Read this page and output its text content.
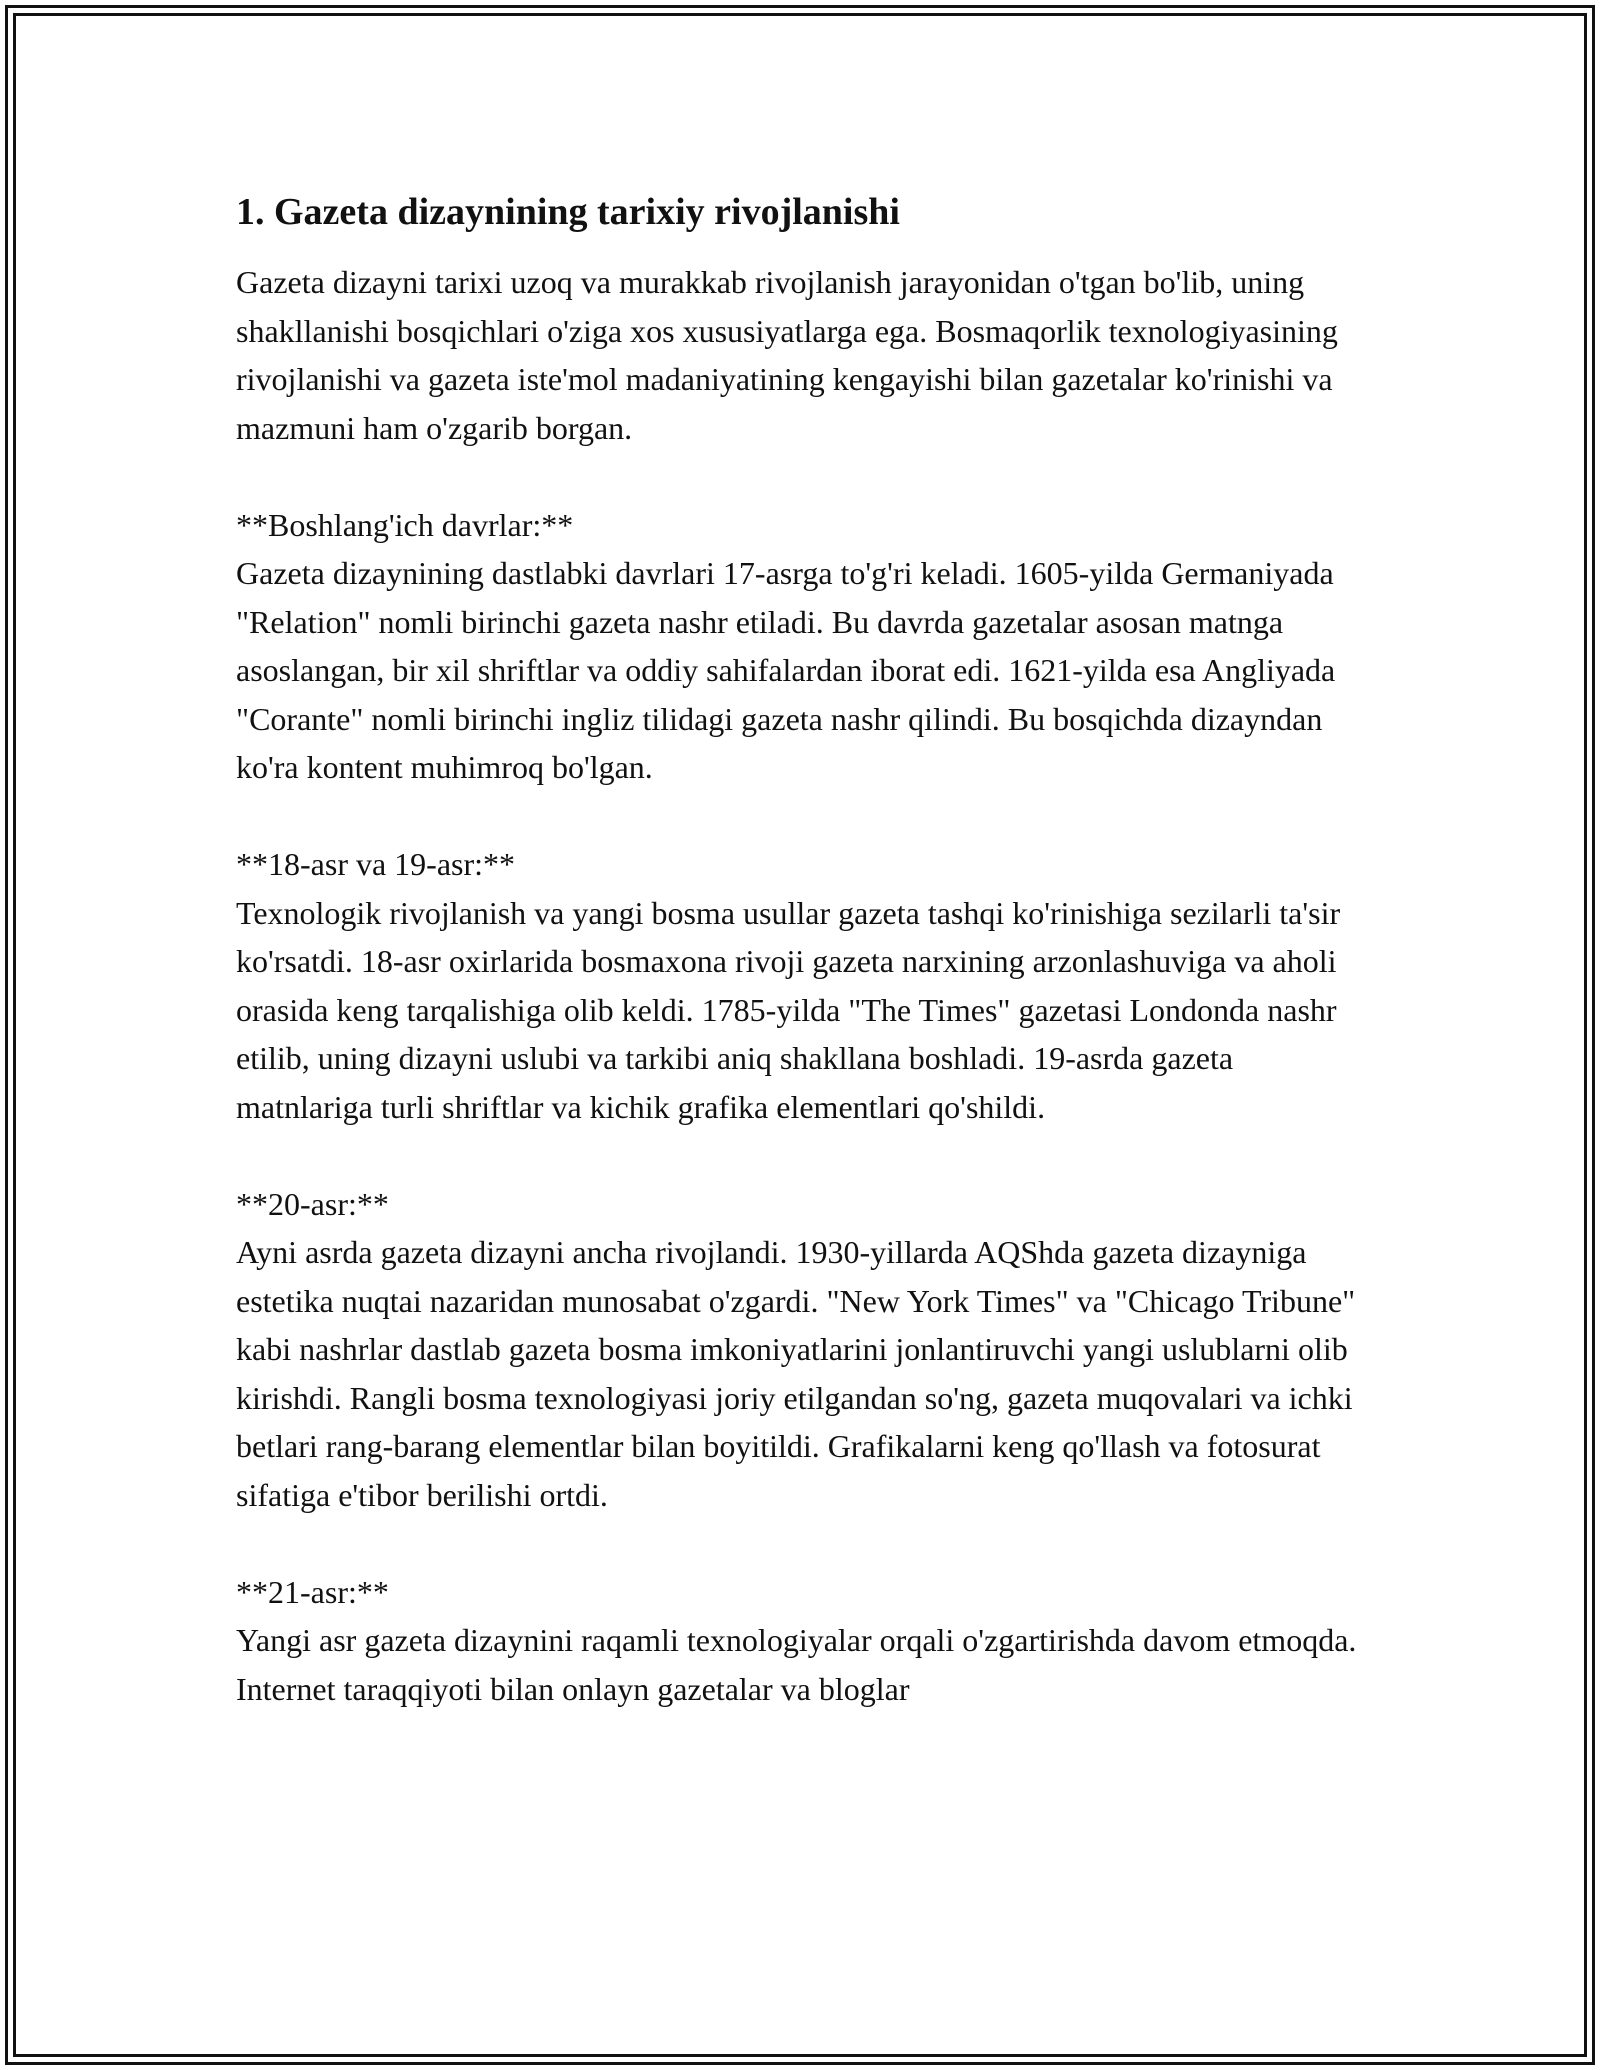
1. Gazeta dizaynining tarixiy rivojlanishi

Gazeta dizayni tarixi uzoq va murakkab rivojlanish jarayonidan o'tgan bo'lib, uning shakllanishi bosqichlari o'ziga xos xususiyatlarga ega. Bosmaqorlik texnologiyasining rivojlanishi va gazeta iste'mol madaniyatining kengayishi bilan gazetalar ko'rinishi va mazmuni ham o'zgarib borgan.

**Boshlang'ich davrlar:**

Gazeta dizaynining dastlabki davrlari 17-asrga to'g'ri keladi. 1605-yilda Germaniyada "Relation" nomli birinchi gazeta nashr etiladi. Bu davrda gazetalar asosan matnga asoslangan, bir xil shriftlar va oddiy sahifalardan iborat edi. 1621-yilda esa Angliyada "Corante" nomli birinchi ingliz tilidagi gazeta nashr qilindi. Bu bosqichda dizayndan ko'ra kontent muhimroq bo'lgan.

**18-asr va 19-asr:**

Texnologik rivojlanish va yangi bosma usullar gazeta tashqi ko'rinishiga sezilarli ta'sir ko'rsatdi. 18-asr oxirlarida bosmaxona rivoji gazeta narxining arzonlashuviga va aholi orasida keng tarqalishiga olib keldi. 1785-yilda "The Times" gazetasi Londonda nashr etilib, uning dizayni uslubi va tarkibi aniq shakllana boshladi. 19-asrda gazeta matnlariga turli shriftlar va kichik grafika elementlari qo'shildi.

**20-asr:**

Ayni asrda gazeta dizayni ancha rivojlandi. 1930-yillarda AQShda gazeta dizayniga estetika nuqtai nazaridan munosabat o'zgardi. "New York Times" va "Chicago Tribune" kabi nashrlar dastlab gazeta bosma imkoniyatlarini jonlantiruvchi yangi uslublarni olib kirishdi. Rangli bosma texnologiyasi joriy etilgandan so'ng, gazeta muqovalari va ichki betlari rang-barang elementlar bilan boyitildi. Grafikalarni keng qo'llash va fotosurat sifatiga e'tibor berilishi ortdi.

**21-asr:**

Yangi asr gazeta dizaynini raqamli texnologiyalar orqali o'zgartirishda davom etmoqda. Internet taraqqiyoti bilan onlayn gazetalar va bloglar
